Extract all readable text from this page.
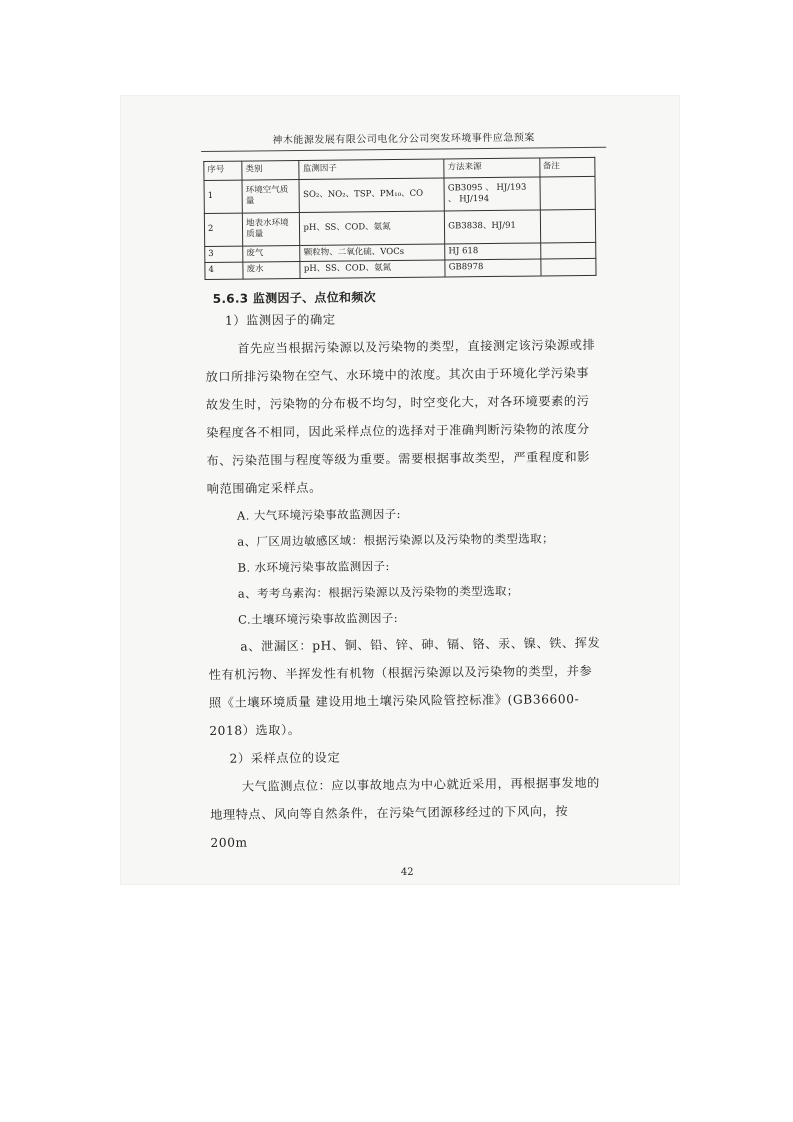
神木能源发展有限公司电化分公司突发环境事件应急预案
序号	类别	监测因子	方法来源	备注
1	环境空气质量	SO₂、NO₂、TSP、PM₁₀、CO	GB3095 、 HJ/193 、 HJ/194	
2	地表水环境质量	pH、SS、COD、氨氮	GB3838、HJ/91	
3	废气	颗粒物、二氧化硫、VOCs	HJ 618	
4	废水	pH、SS、COD、氨氮	GB8978	
5.6.3 监测因子、点位和频次

1）监测因子的确定

首先应当根据污染源以及污染物的类型，直接测定该污染源或排放口所排污染物在空气、水环境中的浓度。其次由于环境化学污染事故发生时，污染物的分布极不均匀，时空变化大，对各环境要素的污染程度各不相同，因此采样点位的选择对于准确判断污染物的浓度分布、污染范围与程度等级为重要。需要根据事故类型，严重程度和影响范围确定采样点。

A. 大气环境污染事故监测因子:

a、厂区周边敏感区域：根据污染源以及污染物的类型选取；

B. 水环境污染事故监测因子:

a、考考乌素沟：根据污染源以及污染物的类型选取；

C.土壤环境污染事故监测因子:

a、泄漏区：pH、铜、铅、锌、砷、镉、铬、汞、镍、铁、挥发性有机污物、半挥发性有机物（根据污染源以及污染物的类型，并参照《土壤环境质量 建设用地土壤污染风险管控标准》(GB36600-2018）选取）。

2）采样点位的设定

大气监测点位：应以事故地点为中心就近采用，再根据事发地的地理特点、风向等自然条件，在污染气团源移经过的下风向，按 200m

42
